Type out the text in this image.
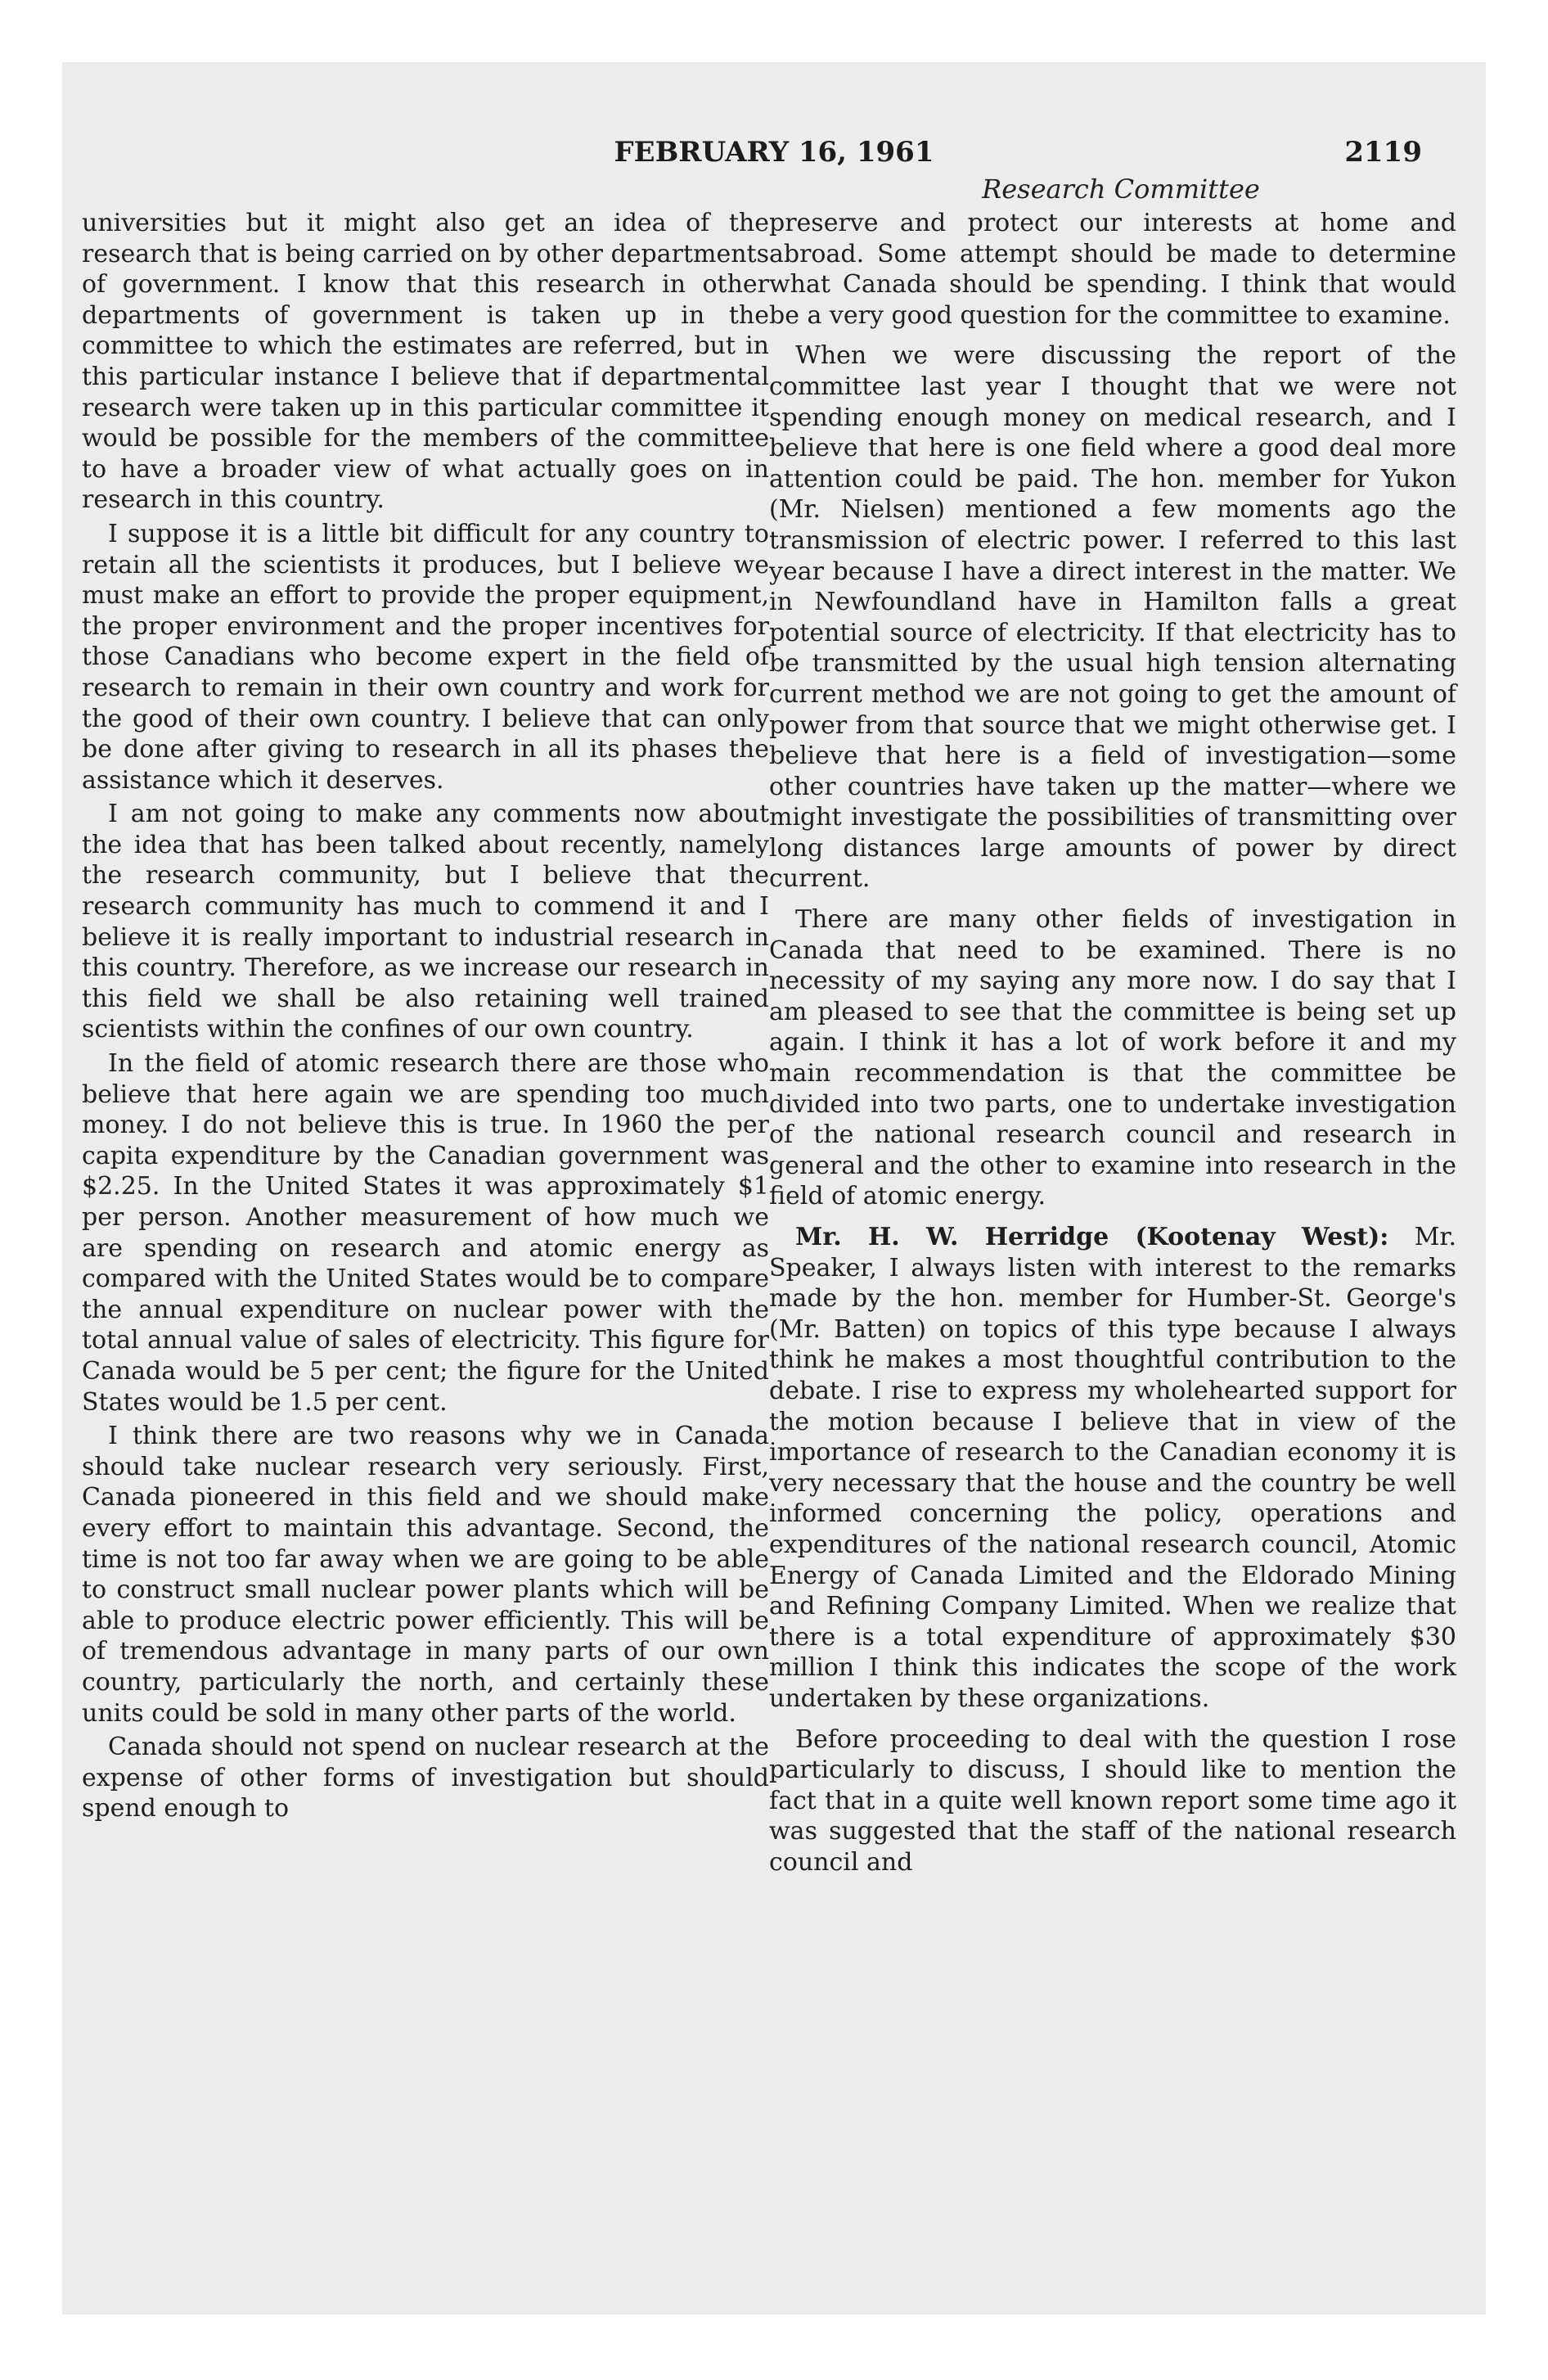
FEBRUARY 16, 1961	2119
Research Committee

universities but it might also get an idea of the research that is being carried on by other departments of government. I know that this research in other departments of government is taken up in the committee to which the estimates are referred, but in this particular instance I believe that if departmental research were taken up in this particular committee it would be possible for the members of the committee to have a broader view of what actually goes on in research in this country.

I suppose it is a little bit difficult for any country to retain all the scientists it produces, but I believe we must make an effort to provide the proper equipment, the proper environment and the proper incentives for those Canadians who become expert in the field of research to remain in their own country and work for the good of their own country. I believe that can only be done after giving to research in all its phases the assistance which it deserves.

I am not going to make any comments now about the idea that has been talked about recently, namely the research community, but I believe that the research community has much to commend it and I believe it is really important to industrial research in this country. Therefore, as we increase our research in this field we shall be also retaining well trained scientists within the confines of our own country.

In the field of atomic research there are those who believe that here again we are spending too much money. I do not believe this is true. In 1960 the per capita expenditure by the Canadian government was $2.25. In the United States it was approximately $1 per person. Another measurement of how much we are spending on research and atomic energy as compared with the United States would be to compare the annual expenditure on nuclear power with the total annual value of sales of electricity. This figure for Canada would be 5 per cent; the figure for the United States would be 1.5 per cent.

I think there are two reasons why we in Canada should take nuclear research very seriously. First, Canada pioneered in this field and we should make every effort to maintain this advantage. Second, the time is not too far away when we are going to be able to construct small nuclear power plants which will be able to produce electric power efficiently. This will be of tremendous advantage in many parts of our own country, particularly the north, and certainly these units could be sold in many other parts of the world.

Canada should not spend on nuclear research at the expense of other forms of investigation but should spend enough to

preserve and protect our interests at home and abroad. Some attempt should be made to determine what Canada should be spending. I think that would be a very good question for the committee to examine.

When we were discussing the report of the committee last year I thought that we were not spending enough money on medical research, and I believe that here is one field where a good deal more attention could be paid. The hon. member for Yukon (Mr. Nielsen) mentioned a few moments ago the transmission of electric power. I referred to this last year because I have a direct interest in the matter. We in Newfoundland have in Hamilton falls a great potential source of electricity. If that electricity has to be transmitted by the usual high tension alternating current method we are not going to get the amount of power from that source that we might otherwise get. I believe that here is a field of investigation—some other countries have taken up the matter—where we might investigate the possibilities of transmitting over long distances large amounts of power by direct current.

There are many other fields of investigation in Canada that need to be examined. There is no necessity of my saying any more now. I do say that I am pleased to see that the committee is being set up again. I think it has a lot of work before it and my main recommendation is that the committee be divided into two parts, one to undertake investigation of the national research council and research in general and the other to examine into research in the field of atomic energy.

Mr. H. W. Herridge (Kootenay West): Mr. Speaker, I always listen with interest to the remarks made by the hon. member for Humber-St. George's (Mr. Batten) on topics of this type because I always think he makes a most thoughtful contribution to the debate. I rise to express my wholehearted support for the motion because I believe that in view of the importance of research to the Canadian economy it is very necessary that the house and the country be well informed concerning the policy, operations and expenditures of the national research council, Atomic Energy of Canada Limited and the Eldorado Mining and Refining Company Limited. When we realize that there is a total expenditure of approximately $30 million I think this indicates the scope of the work undertaken by these organizations.

Before proceeding to deal with the question I rose particularly to discuss, I should like to mention the fact that in a quite well known report some time ago it was suggested that the staff of the national research council and
